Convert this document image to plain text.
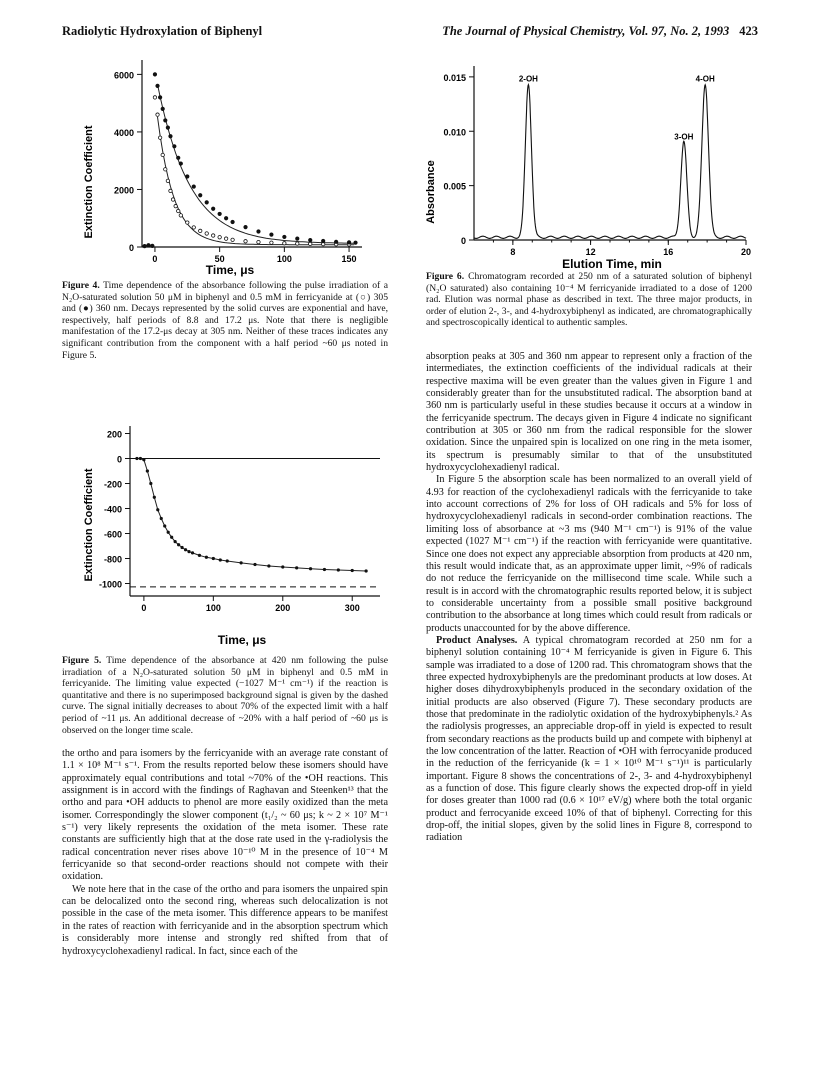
Radiolytic Hydroxylation of Biphenyl	The Journal of Physical Chemistry, Vol. 97, No. 2, 1993 423
6000
4000
2000
0
0	50	100	150
Time, μs
Extinction Coefficient
Figure 4. Time dependence of the absorbance following the pulse irradiation of a N₂O-saturated solution 50 μM in biphenyl and 0.5 mM in ferricyanide at (○) 305 and (●) 360 nm. Decays represented by the solid curves are exponential and have, respectively, half periods of 8.8 and 17.2 μs. Note that there is negligible manifestation of the 17.2-μs decay at 305 nm. Neither of these traces indicates any significant contribution from the component with a half period ~60 μs noted in Figure 5.
200
0
-200
-400
-600
-800
-1000
0	100	200	300
Time, μs
Extinction Coefficient
Figure 5. Time dependence of the absorbance at 420 nm following the pulse irradiation of a N₂O-saturated solution 50 μM in biphenyl and 0.5 mM in ferricyanide. The limiting value expected (−1027 M⁻¹ cm⁻¹) if the reaction is quantitative and there is no superimposed background signal is given by the dashed curve. The signal initially decreases to about 70% of the expected limit with a half period of ~11 μs. An additional decrease of ~20% with a half period of ~60 μs is observed on the longer time scale.

the ortho and para isomers by the ferricyanide with an average rate constant of 1.1 × 10⁸ M⁻¹ s⁻¹. From the results reported below these isomers should have approximately equal contributions and total ~70% of the •OH reactions. This assignment is in accord with the findings of Raghavan and Steenken¹³ that the ortho and para •OH adducts to phenol are more easily oxidized than the meta isomer. Correspondingly the slower component (t₁/₂ ~ 60 μs; k ~ 2 × 10⁷ M⁻¹ s⁻¹) very likely represents the oxidation of the meta isomer. These rate constants are sufficiently high that at the dose rate used in the γ-radiolysis the radical concentration never rises above 10⁻¹⁰ M in the presence of 10⁻⁴ M ferricyanide so that second-order reactions should not compete with their oxidation.

We note here that in the case of the ortho and para isomers the unpaired spin can be delocalized onto the second ring, whereas such delocalization is not possible in the case of the meta isomer. This difference appears to be manifest in the rates of reaction with ferricyanide and in the absorption spectrum which is considerably more intense and strongly red shifted from that of hydroxycyclohexadienyl radical. In fact, since each of the

0.015
0.010
0.005
0
8	12	16	20
2-OH
3-OH
4-OH
Elution Time, min
Absorbance
Figure 6. Chromatogram recorded at 250 nm of a saturated solution of biphenyl (N₂O saturated) also containing 10⁻⁴ M ferricyanide irradiated to a dose of 1200 rad. Elution was normal phase as described in text. The three major products, in order of elution 2-, 3-, and 4-hydroxybiphenyl as indicated, are chromatographically and spectroscopically identical to authentic samples.

absorption peaks at 305 and 360 nm appear to represent only a fraction of the intermediates, the extinction coefficients of the individual radicals at their respective maxima will be even greater than the values given in Figure 1 and considerably greater than for the unsubstituted radical. The absorption band at 360 nm is particularly useful in these studies because it occurs at a window in the ferricyanide spectrum. The decays given in Figure 4 indicate no significant contribution at 305 or 360 nm from the radical responsible for the slower oxidation. Since the unpaired spin is localized on one ring in the meta isomer, its spectrum is presumably similar to that of the unsubstituted hydroxycyclohexadienyl radical.

In Figure 5 the absorption scale has been normalized to an overall yield of 4.93 for reaction of the cyclohexadienyl radicals with the ferricyanide to take into account corrections of 2% for loss of OH radicals and 5% for loss of hydroxycyclohexadienyl radicals in second-order combination reactions. The limiting loss of absorbance at ~3 ms (940 M⁻¹ cm⁻¹) is 91% of the value expected (1027 M⁻¹ cm⁻¹) if the reaction with ferricyanide were quantitative. Since one does not expect any appreciable absorption from products at 420 nm, this result would indicate that, as an approximate upper limit, ~9% of radicals do not reduce the ferricyanide on the millisecond time scale. While such a result is in accord with the chromatographic results reported below, it is subject to considerable uncertainty from a possible small positive background contribution to the absorbance at long times which could result from radicals or products unaccounted for by the above difference.

Product Analyses. A typical chromatogram recorded at 250 nm for a biphenyl solution containing 10⁻⁴ M ferricyanide is given in Figure 6. This sample was irradiated to a dose of 1200 rad. This chromatogram shows that the three expected hydroxybiphenyls are the predominant products at low doses. At higher doses dihydroxybiphenyls produced in the secondary oxidation of the initial products are also observed (Figure 7). These secondary products are those that predominate in the radiolytic oxidation of the hydroxybiphenyls.² As the radiolysis progresses, an appreciable drop-off in yield is expected to result from secondary reactions as the products build up and compete with biphenyl at the low concentration of the latter. Reaction of •OH with ferrocyanide produced in the reduction of the ferricyanide (k = 1 × 10¹⁰ M⁻¹ s⁻¹)¹¹ is particularly important. Figure 8 shows the concentrations of 2-, 3- and 4-hydroxybiphenyl as a function of dose. This figure clearly shows the expected drop-off in yield for doses greater than 1000 rad (0.6 × 10¹⁷ eV/g) where both the total organic product and ferrocyanide exceed 10% of that of biphenyl. Correcting for this drop-off, the initial slopes, given by the solid lines in Figure 8, correspond to radiation
